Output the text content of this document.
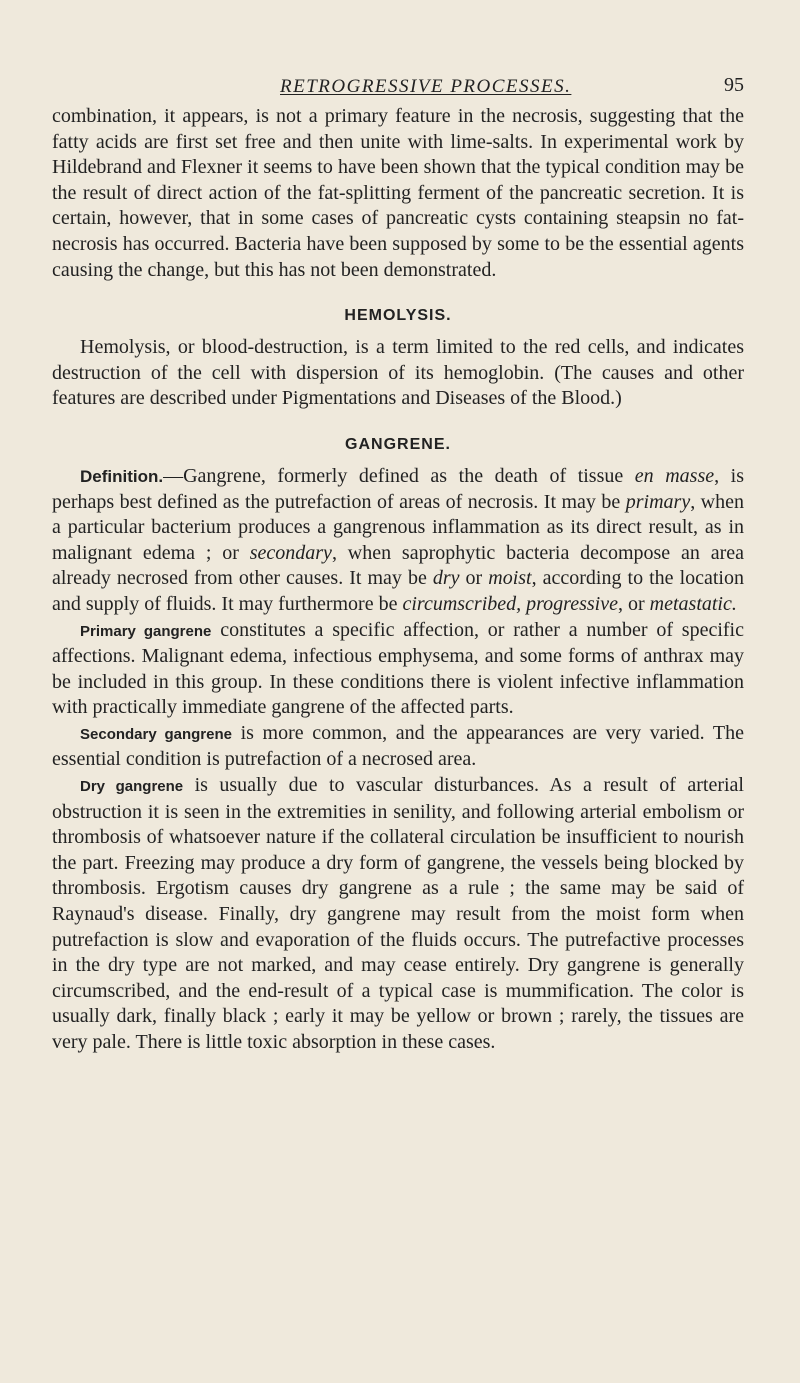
RETROGRESSIVE PROCESSES.	95

combination, it appears, is not a primary feature in the necrosis, suggesting that the fatty acids are first set free and then unite with lime-salts. In experimental work by Hildebrand and Flexner it seems to have been shown that the typical condition may be the result of direct action of the fat-splitting ferment of the pancreatic secretion. It is certain, however, that in some cases of pancreatic cysts containing steapsin no fat-necrosis has occurred. Bacteria have been supposed by some to be the essential agents causing the change, but this has not been demonstrated.

HEMOLYSIS.

Hemolysis, or blood-destruction, is a term limited to the red cells, and indicates destruction of the cell with dispersion of its hemoglobin. (The causes and other features are described under Pigmentations and Diseases of the Blood.)

GANGRENE.

Definition.—Gangrene, formerly defined as the death of tissue en masse, is perhaps best defined as the putrefaction of areas of necrosis. It may be primary, when a particular bacterium produces a gangrenous inflammation as its direct result, as in malignant edema ; or secondary, when saprophytic bacteria decompose an area already necrosed from other causes. It may be dry or moist, according to the location and supply of fluids. It may furthermore be circumscribed, progressive, or metastatic.

Primary gangrene constitutes a specific affection, or rather a number of specific affections. Malignant edema, infectious emphysema, and some forms of anthrax may be included in this group. In these conditions there is violent infective inflammation with practically immediate gangrene of the affected parts.

Secondary gangrene is more common, and the appearances are very varied. The essential condition is putrefaction of a necrosed area.

Dry gangrene is usually due to vascular disturbances. As a result of arterial obstruction it is seen in the extremities in senility, and following arterial embolism or thrombosis of whatsoever nature if the collateral circulation be insufficient to nourish the part. Freezing may produce a dry form of gangrene, the vessels being blocked by thrombosis. Ergotism causes dry gangrene as a rule ; the same may be said of Raynaud's disease. Finally, dry gangrene may result from the moist form when putrefaction is slow and evaporation of the fluids occurs. The putrefactive processes in the dry type are not marked, and may cease entirely. Dry gangrene is generally circumscribed, and the end-result of a typical case is mummification. The color is usually dark, finally black ; early it may be yellow or brown ; rarely, the tissues are very pale. There is little toxic absorption in these cases.
